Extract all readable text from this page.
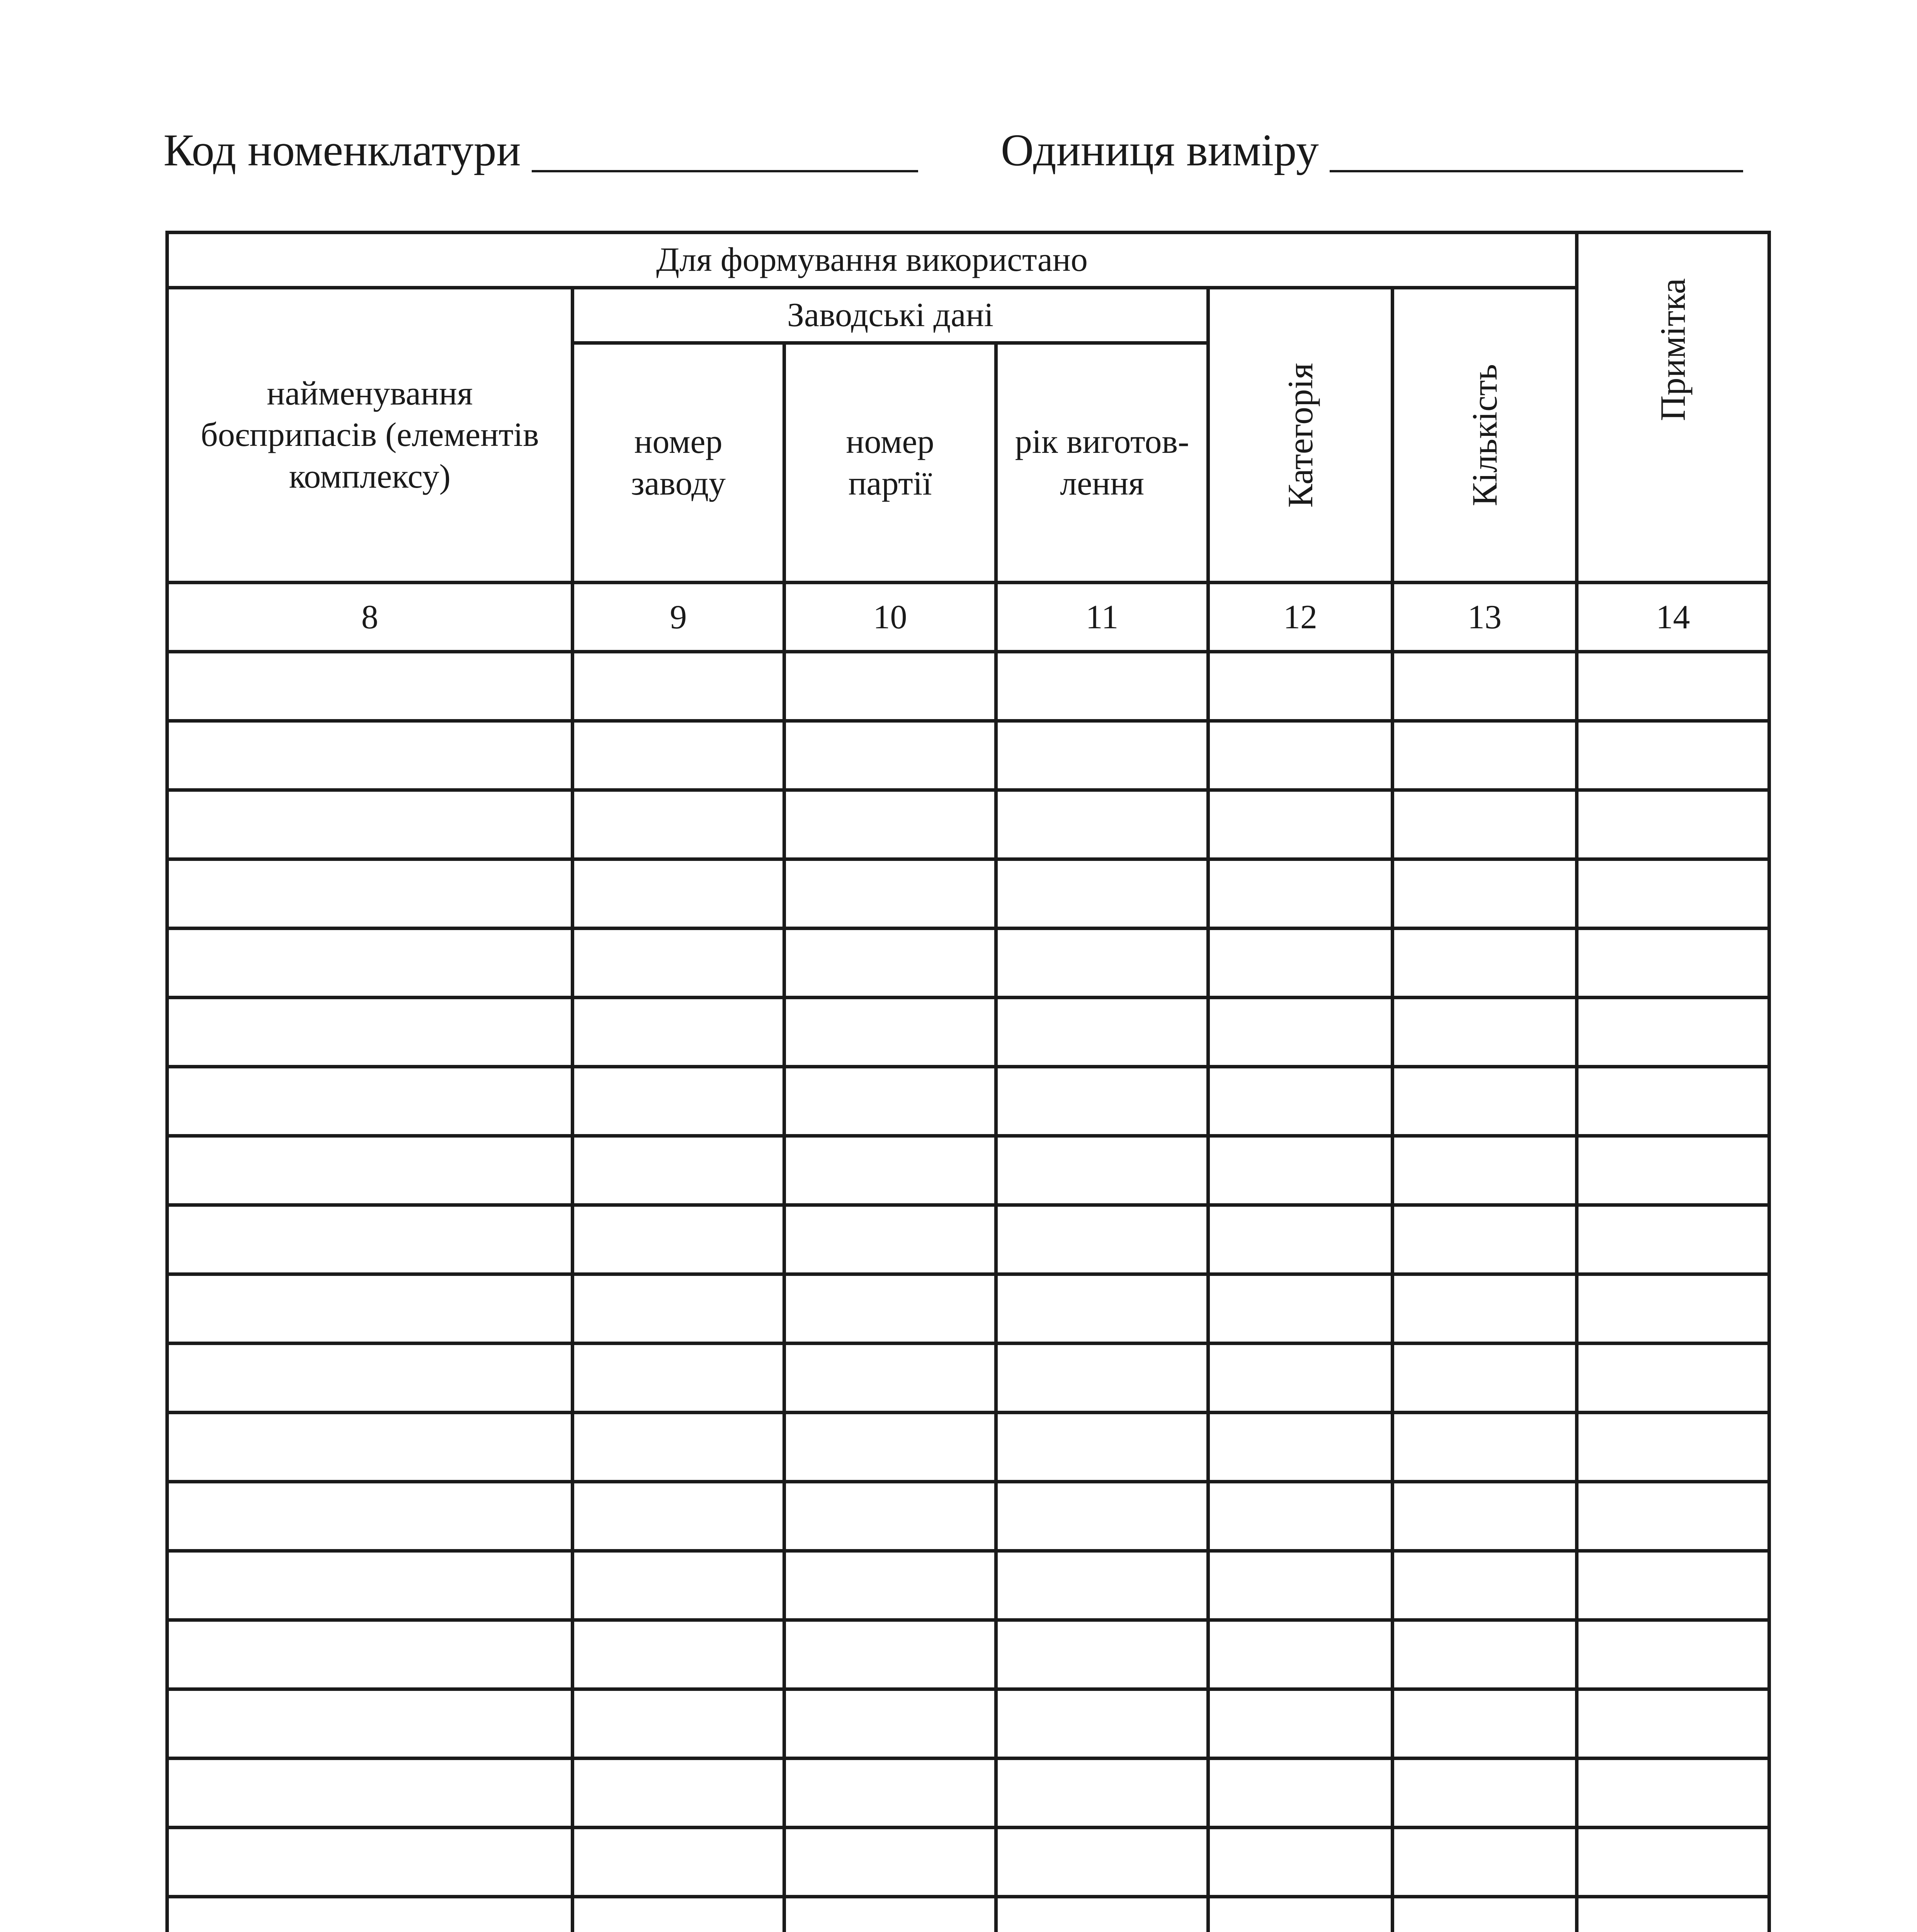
Код номенклатури	Одиниця виміру
Для формування використано						Примітка

найменування боєприпасів (елементів комплексу)	Заводські дані			Категорія	Кількість	

	номер заводу	номер партії	рік виготов-лення			
8	9	10	11	12	13	14
